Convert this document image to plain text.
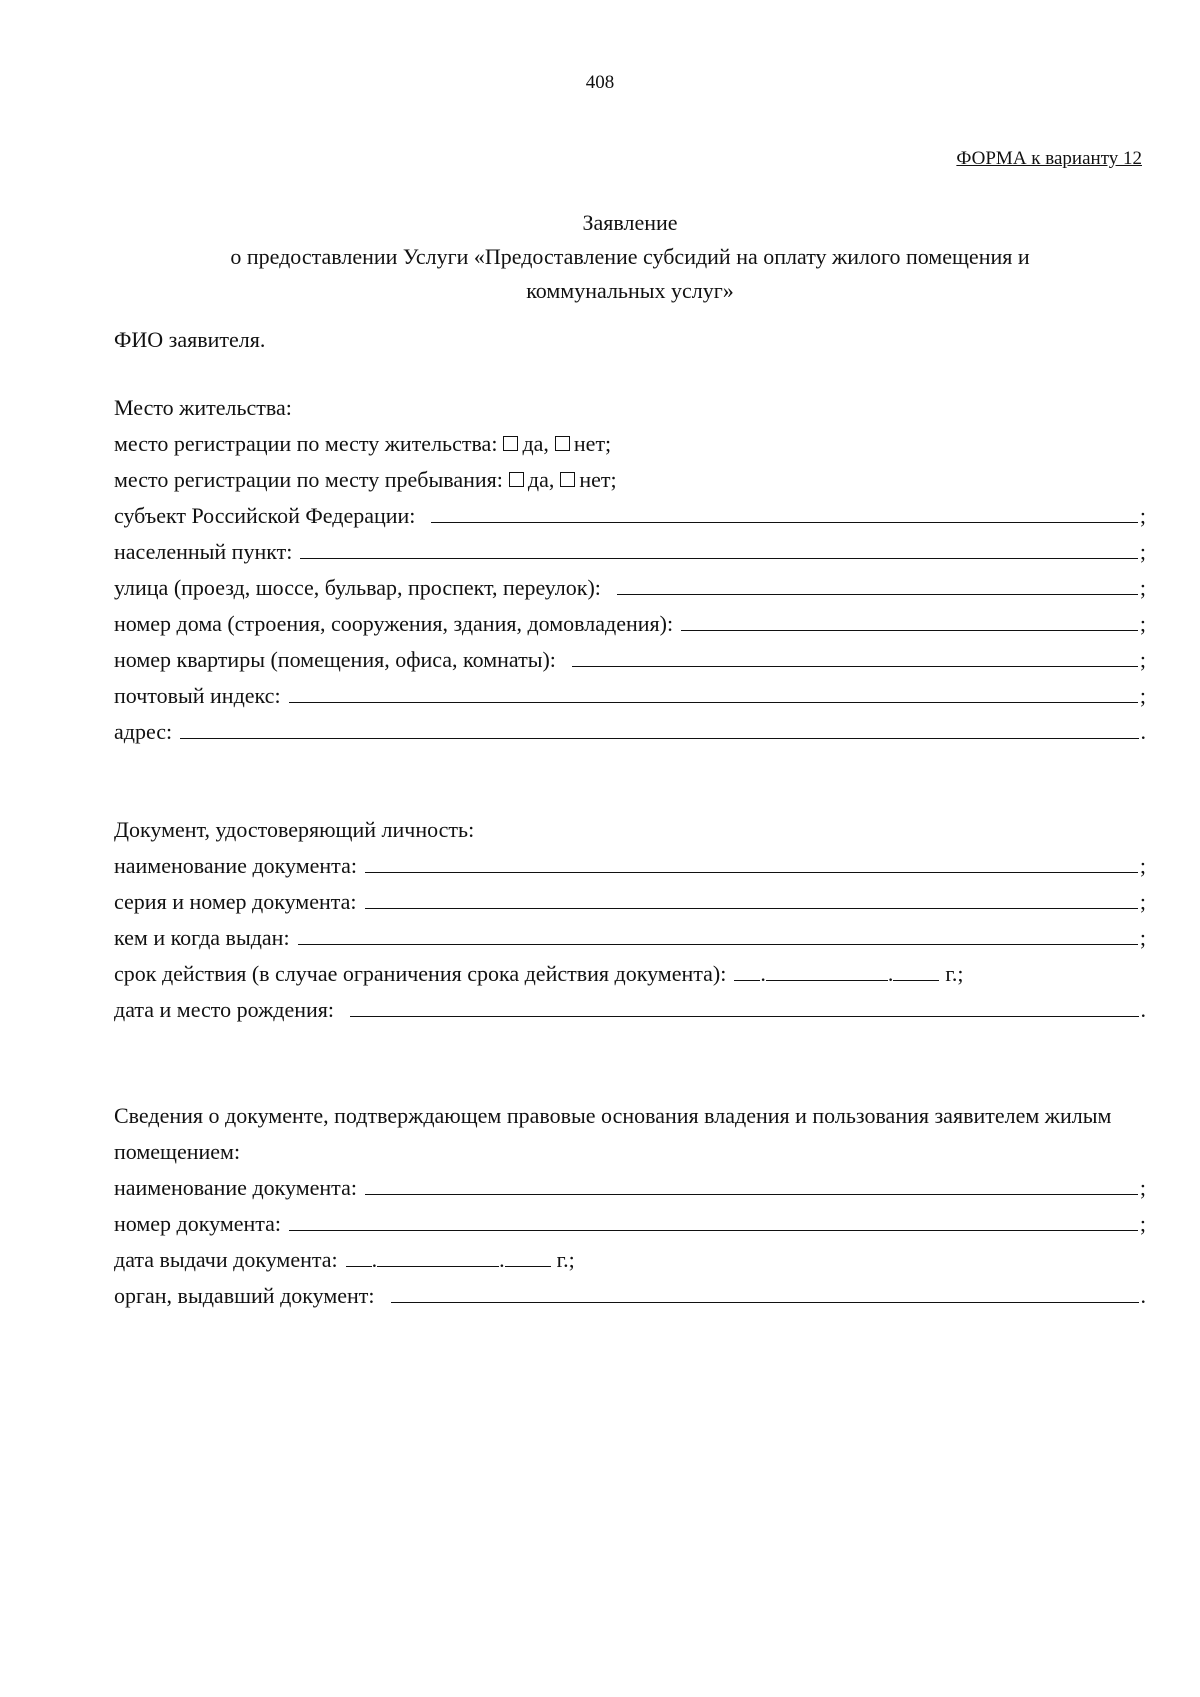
408
ФОРМА к варианту 12
Заявление
о предоставлении Услуги «Предоставление субсидий на оплату жилого помещения и
коммунальных услуг»
ФИО заявителя.
Место жительства:
место регистрации по месту жительства: да, нет;
место регистрации по месту пребывания: да, нет;
субъект Российской Федерации:	;
населенный пункт:	;
улица (проезд, шоссе, бульвар, проспект, переулок):	;
номер дома (строения, сооружения, здания, домовладения):	;
номер квартиры (помещения, офиса, комнаты):	;
почтовый индекс:	;
адрес:	.
Документ, удостоверяющий личность:
наименование документа:	;
серия и номер документа:	;
кем и когда выдан:	;
срок действия (в случае ограничения срока действия документа): .	. г.;
дата и место рождения:	.
Сведения о документе, подтверждающем правовые основания владения и пользования заявителем жилым помещением:
наименование документа:	;
номер документа:	;
дата выдачи документа: .	. г.;
орган, выдавший документ:	.
